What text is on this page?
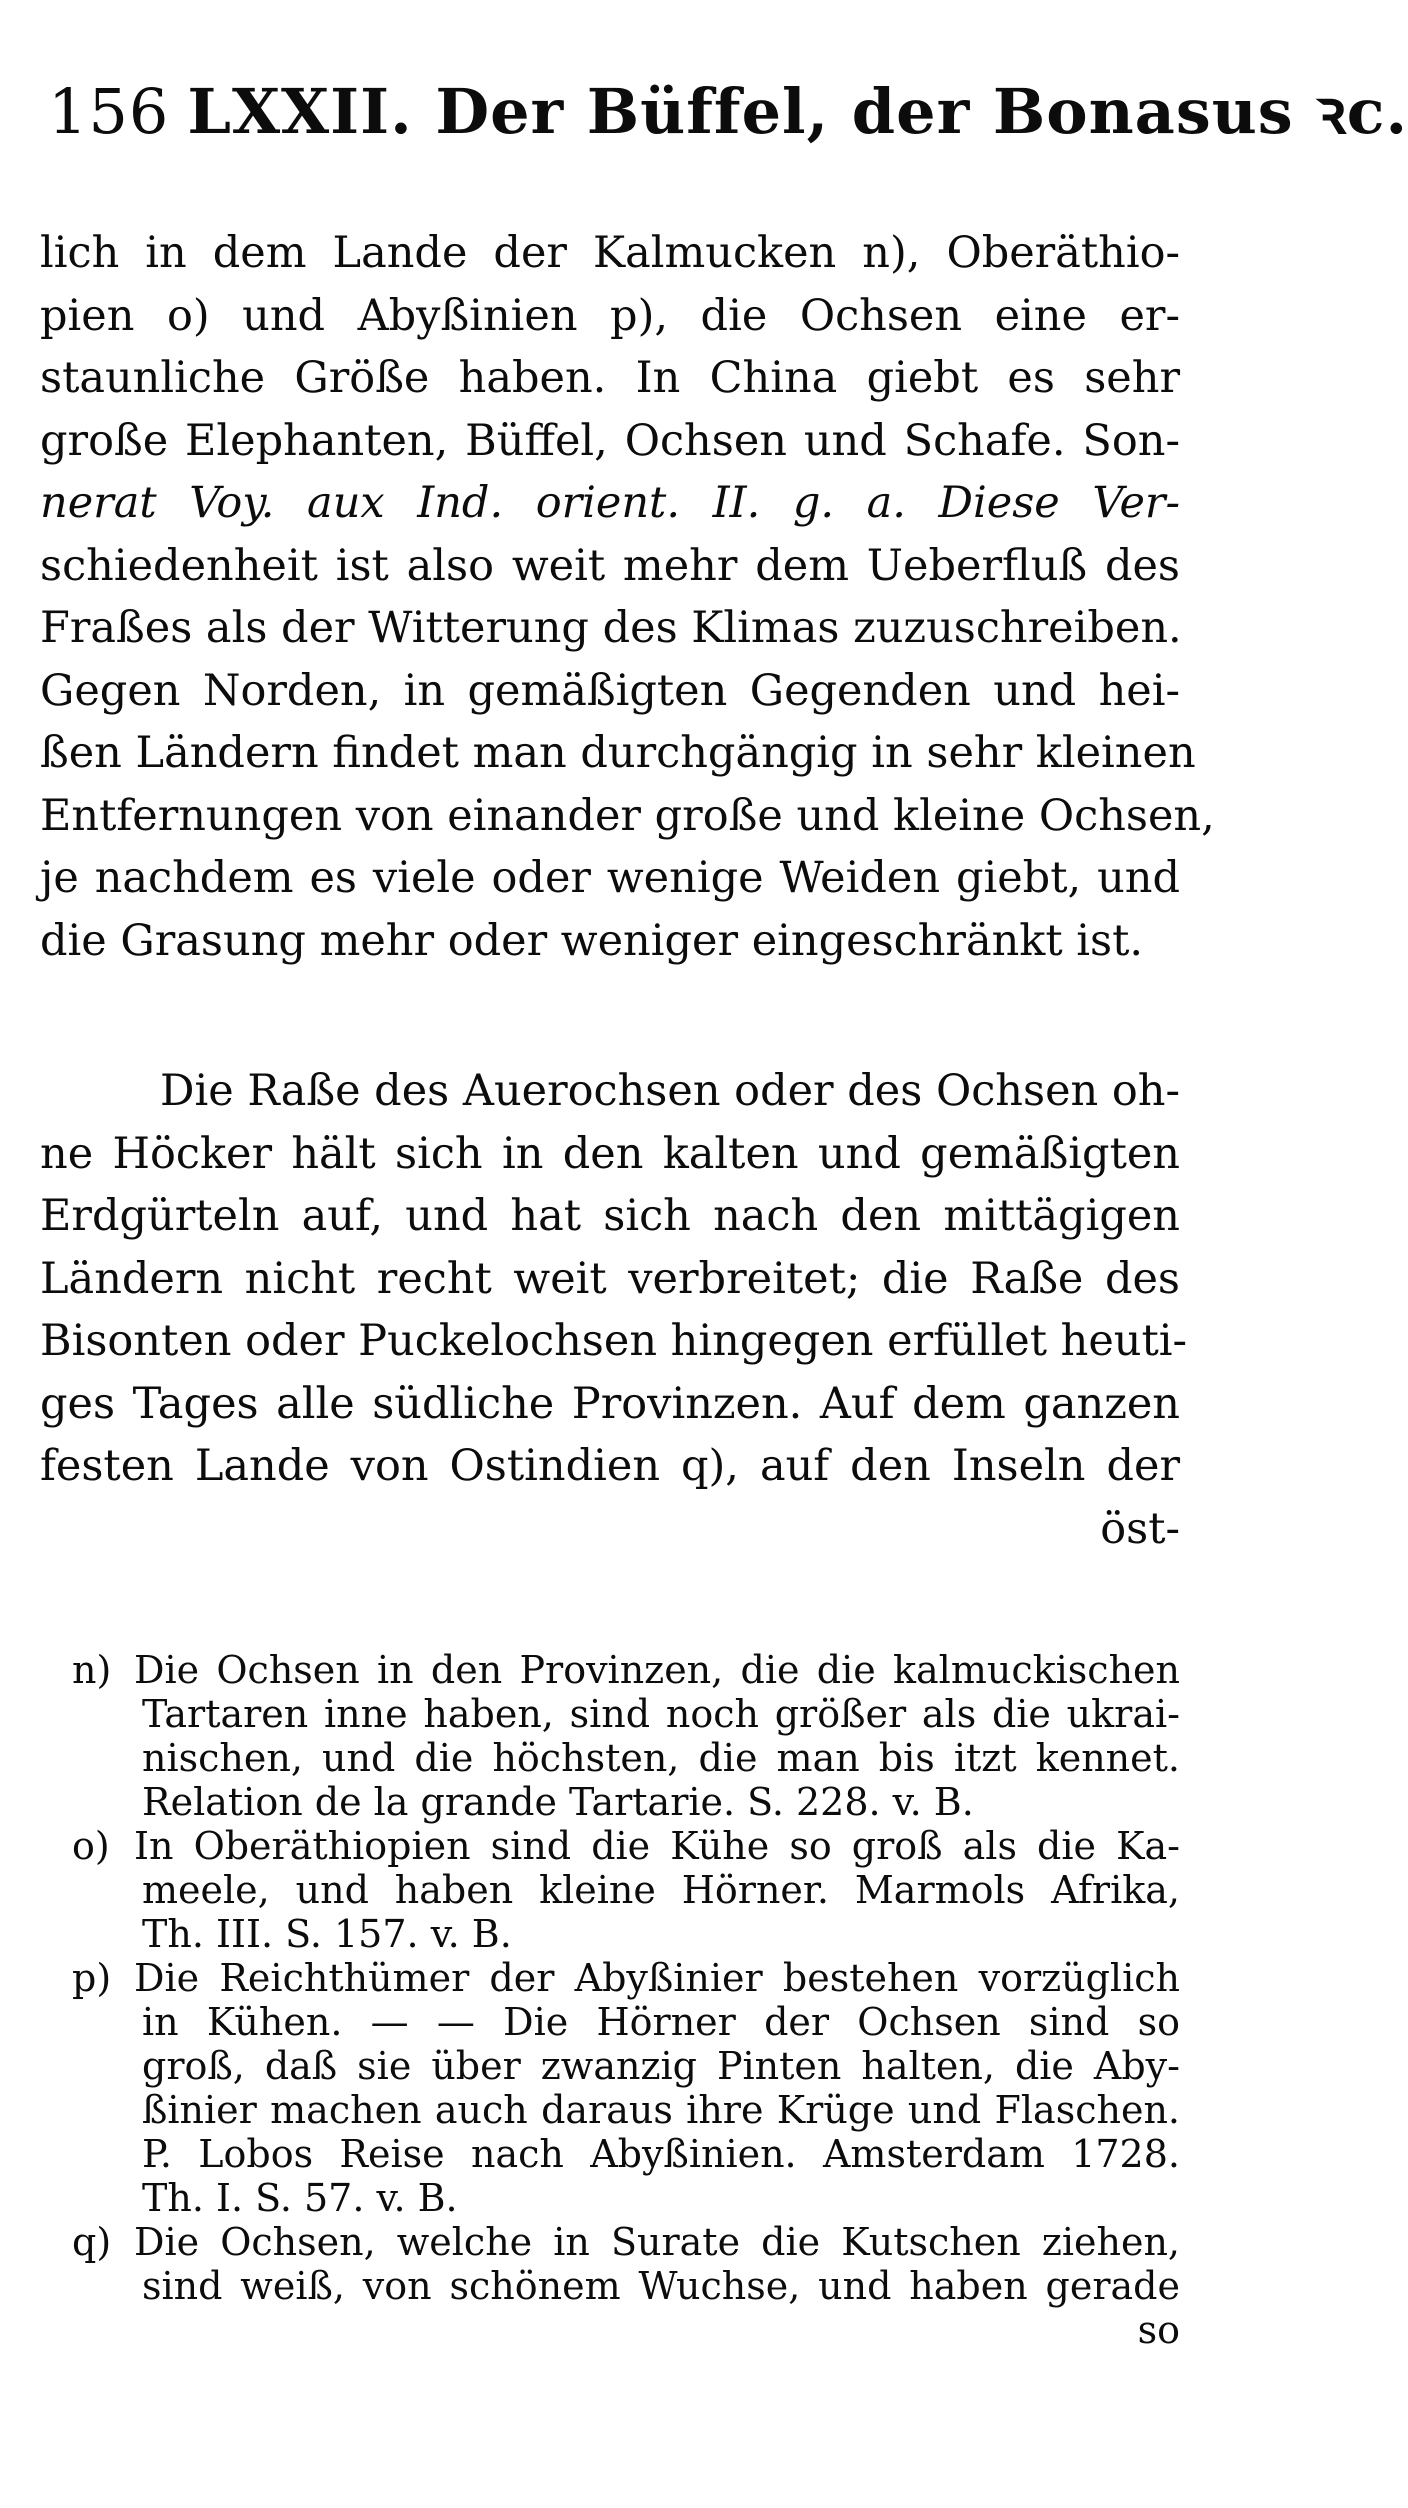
156 LXXII. Der Büffel, der Bonasus ꝛc.
lich in dem Lande der Kalmucken n), Oberäthio-
pien o) und Abyßinien p), die Ochsen eine er-
staunliche Größe haben. In China giebt es sehr
große Elephanten, Büffel, Ochsen und Schafe. Son-
nerat Voy. aux Ind. orient. II. g. a. Diese Ver-
schiedenheit ist also weit mehr dem Ueberfluß des
Fraßes als der Witterung des Klimas zuzuschreiben.
Gegen Norden, in gemäßigten Gegenden und hei-
ßen Ländern findet man durchgängig in sehr kleinen
Entfernungen von einander große und kleine Ochsen,
je nachdem es viele oder wenige Weiden giebt, und
die Grasung mehr oder weniger eingeschränkt ist.
Die Raße des Auerochsen oder des Ochsen oh-
ne Höcker hält sich in den kalten und gemäßigten
Erdgürteln auf, und hat sich nach den mittägigen
Ländern nicht recht weit verbreitet; die Raße des
Bisonten oder Puckelochsen hingegen erfüllet heuti-
ges Tages alle südliche Provinzen. Auf dem ganzen
festen Lande von Ostindien q), auf den Inseln der
öst-
n) Die Ochsen in den Provinzen, die die kalmuckischen
Tartaren inne haben, sind noch größer als die ukrai-
nischen, und die höchsten, die man bis itzt kennet.
Relation de la grande Tartarie. S. 228. v. B.
o) In Oberäthiopien sind die Kühe so groß als die Ka-
meele, und haben kleine Hörner. Marmols Afrika,
Th. III. S. 157. v. B.
p) Die Reichthümer der Abyßinier bestehen vorzüglich
in Kühen. — — Die Hörner der Ochsen sind so
groß, daß sie über zwanzig Pinten halten, die Aby-
ßinier machen auch daraus ihre Krüge und Flaschen.
P. Lobos Reise nach Abyßinien. Amsterdam 1728.
Th. I. S. 57. v. B.
q) Die Ochsen, welche in Surate die Kutschen ziehen,
sind weiß, von schönem Wuchse, und haben gerade
so
